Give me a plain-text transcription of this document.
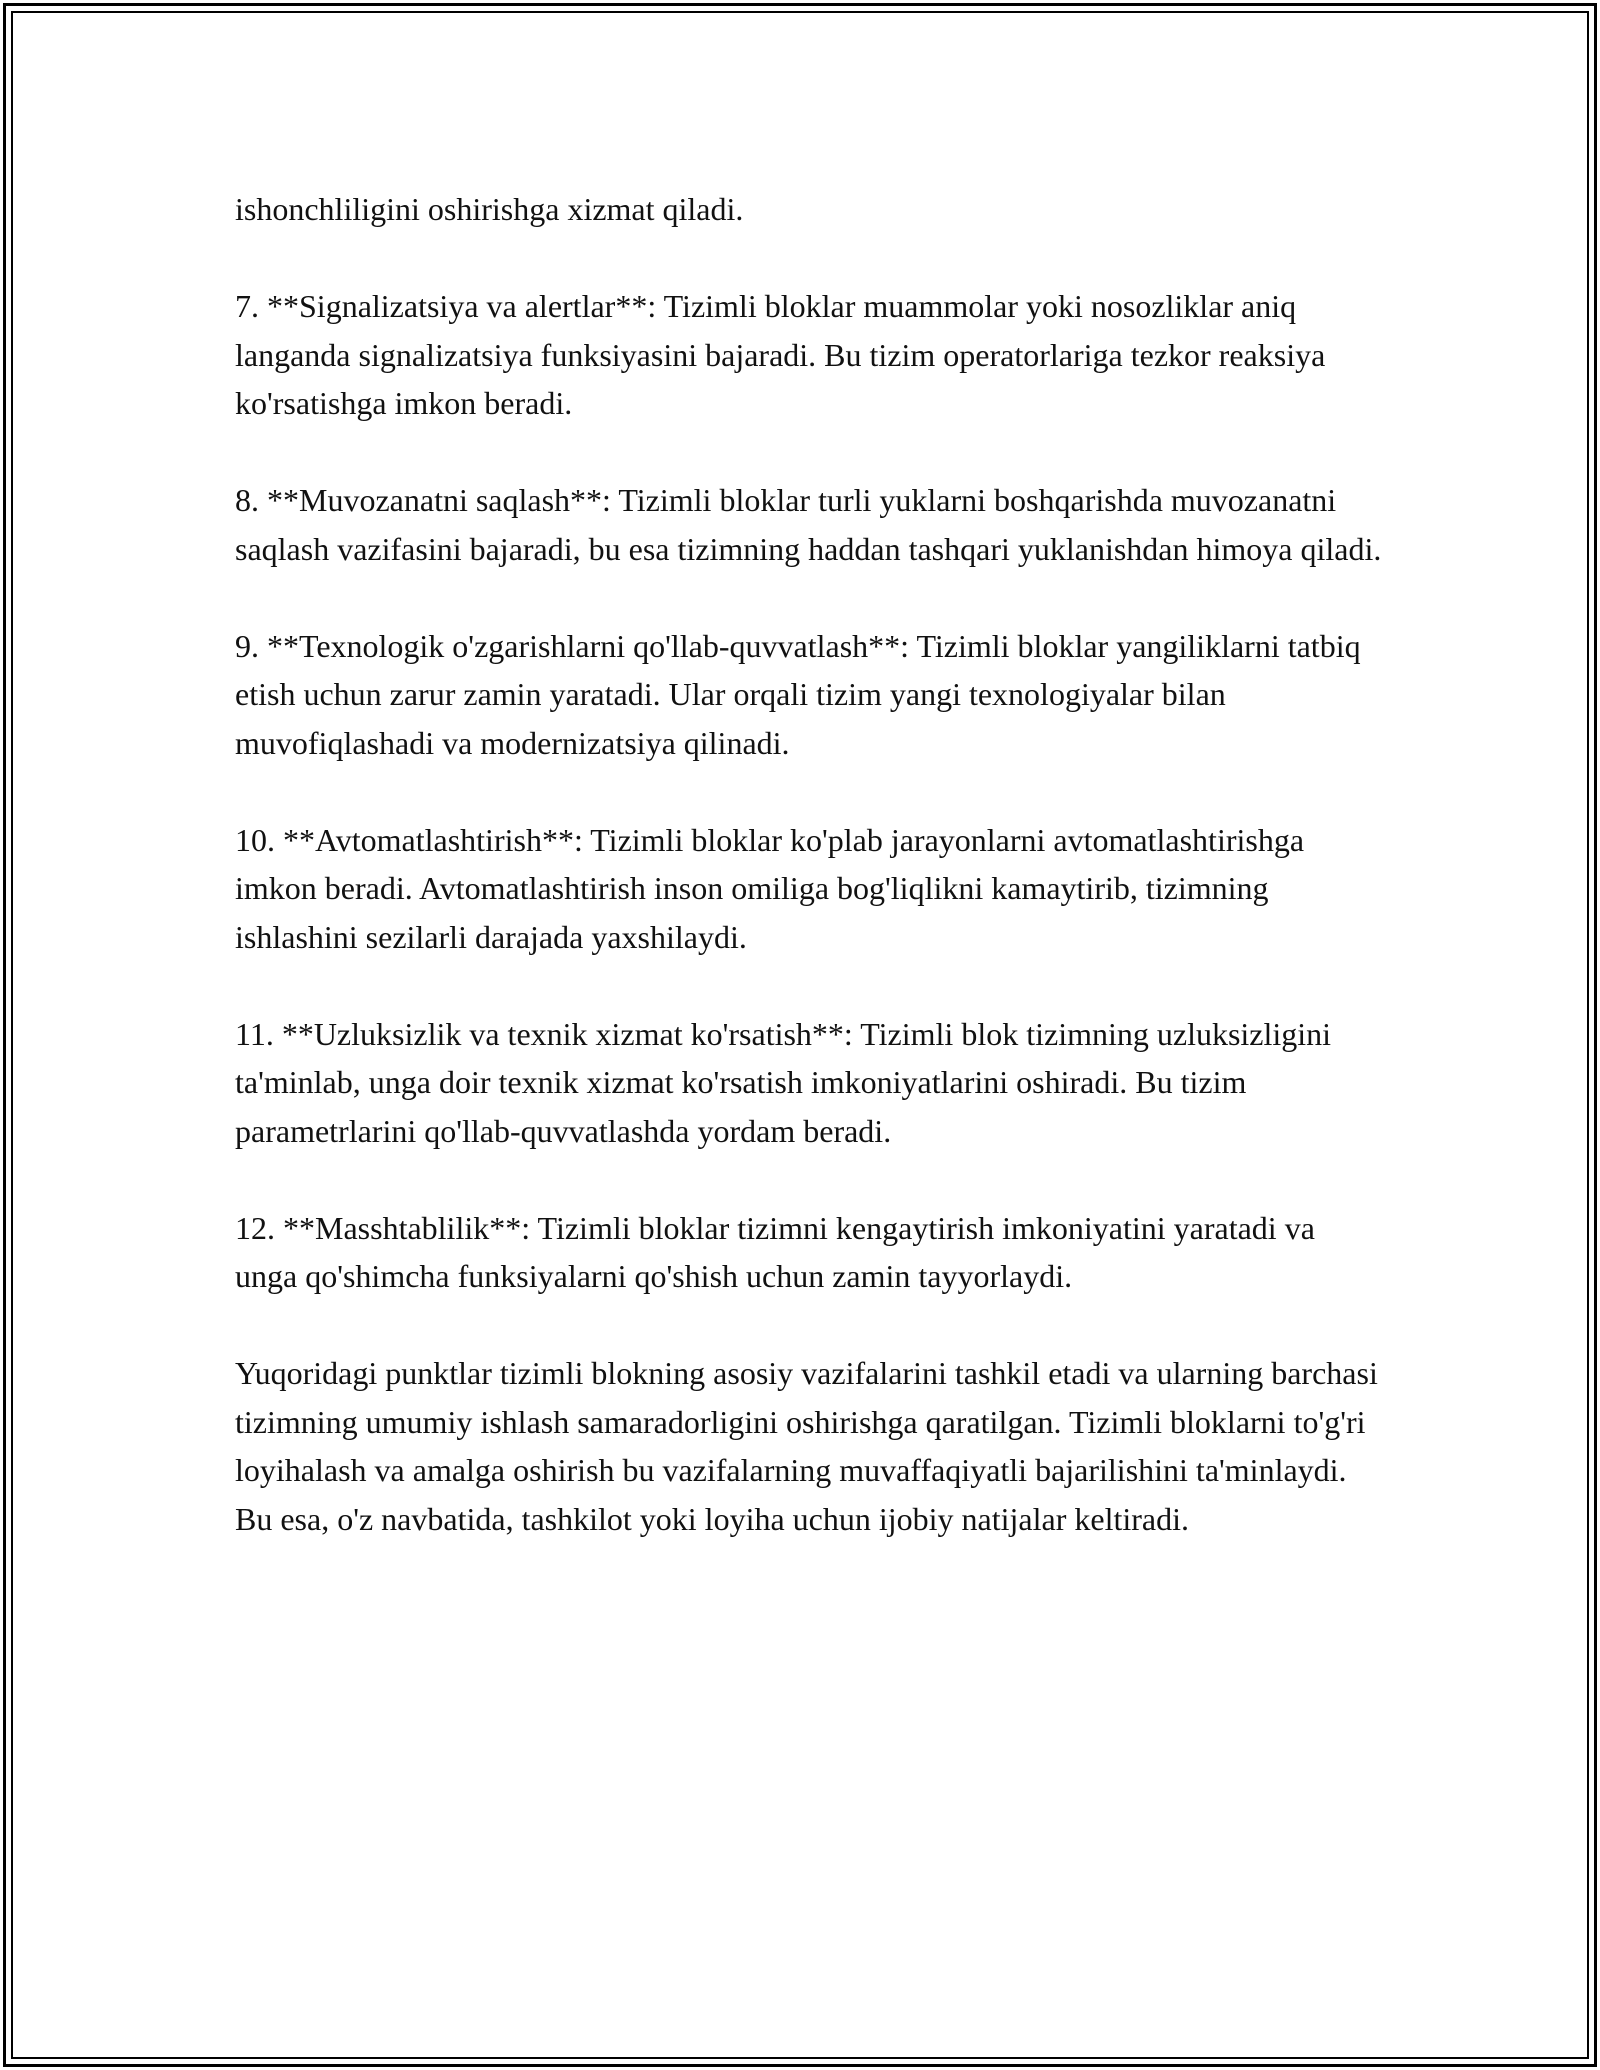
ishonchliligini oshirishga xizmat qiladi.

7. **Signalizatsiya va alertlar**: Tizimli bloklar muammolar yoki nosozliklar aniq langanda signalizatsiya funksiyasini bajaradi. Bu tizim operatorlariga tezkor reaksiya ko'rsatishga imkon beradi.

8. **Muvozanatni saqlash**: Tizimli bloklar turli yuklarni boshqarishda muvozanatni saqlash vazifasini bajaradi, bu esa tizimning haddan tashqari yuklanishdan himoya qiladi.

9. **Texnologik o'zgarishlarni qo'llab-quvvatlash**: Tizimli bloklar yangiliklarni tatbiq etish uchun zarur zamin yaratadi. Ular orqali tizim yangi texnologiyalar bilan muvofiqlashadi va modernizatsiya qilinadi.

10. **Avtomatlashtirish**: Tizimli bloklar ko'plab jarayonlarni avtomatlashtirishga imkon beradi. Avtomatlashtirish inson omiliga bog'liqlikni kamaytirib, tizimning ishlashini sezilarli darajada yaxshilaydi.

11. **Uzluksizlik va texnik xizmat ko'rsatish**: Tizimli blok tizimning uzluksizligini ta'minlab, unga doir texnik xizmat ko'rsatish imkoniyatlarini oshiradi. Bu tizim parametrlarini qo'llab-quvvatlashda yordam beradi.

12. **Masshtablilik**: Tizimli bloklar tizimni kengaytirish imkoniyatini yaratadi va unga qo'shimcha funksiyalarni qo'shish uchun zamin tayyorlaydi.

Yuqoridagi punktlar tizimli blokning asosiy vazifalarini tashkil etadi va ularning barchasi tizimning umumiy ishlash samaradorligini oshirishga qaratilgan. Tizimli bloklarni to'g'ri loyihalash va amalga oshirish bu vazifalarning muvaffaqiyatli bajarilishini ta'minlaydi. Bu esa, o'z navbatida, tashkilot yoki loyiha uchun ijobiy natijalar keltiradi.
